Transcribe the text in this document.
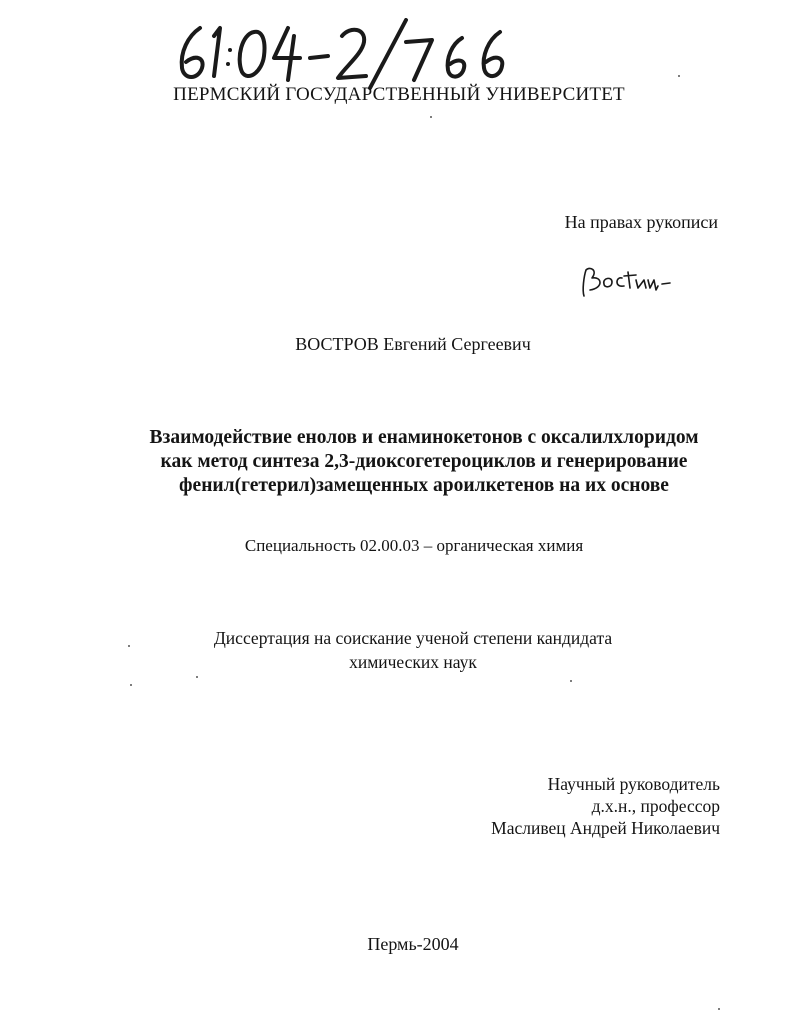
ПЕРМСКИЙ ГОСУДАРСТВЕННЫЙ УНИВЕРСИТЕТ
На правах рукописи
ВОСТРОВ Евгений Сергеевич
Взаимодействие енолов и енаминокетонов с оксалилхлоридом
как метод синтеза 2,3-диоксогетероциклов и генерирование
фенил(гетерил)замещенных ароилкетенов на их основе
Специальность 02.00.03 – органическая химия
Диссертация на соискание ученой степени кандидата
химических наук
Научный руководитель
д.х.н., профессор
Масливец Андрей Николаевич
Пермь-2004
